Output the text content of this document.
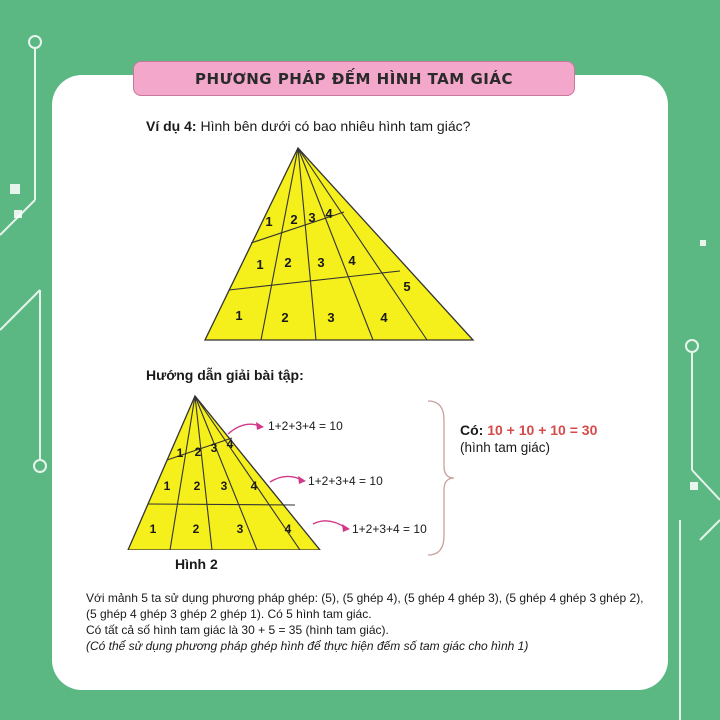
PHƯƠNG PHÁP ĐẾM HÌNH TAM GIÁC
Ví dụ 4: Hình bên dưới có bao nhiêu hình tam giác?
1 2 3 4
1 2 3 4
1	2	3	4
5
Hướng dẫn giải bài tập:
1 2 3 4
1 2 3 4
1	2	3	4
1+2+3+4 = 10
1+2+3+4 = 10
1+2+3+4 = 10
Có: 10 + 10 + 10 = 30
(hình tam giác)
Hình 2

Với mảnh 5 ta sử dụng phương pháp ghép: (5), (5 ghép 4), (5 ghép 4 ghép 3), (5 ghép 4 ghép 3 ghép 2), (5 ghép 4 ghép 3 ghép 2 ghép 1). Có 5 hình tam giác.

Có tất cả số hình tam giác là 30 + 5 = 35 (hình tam giác).

(Có thể sử dụng phương pháp ghép hình để thực hiện đếm số tam giác cho hình 1)
